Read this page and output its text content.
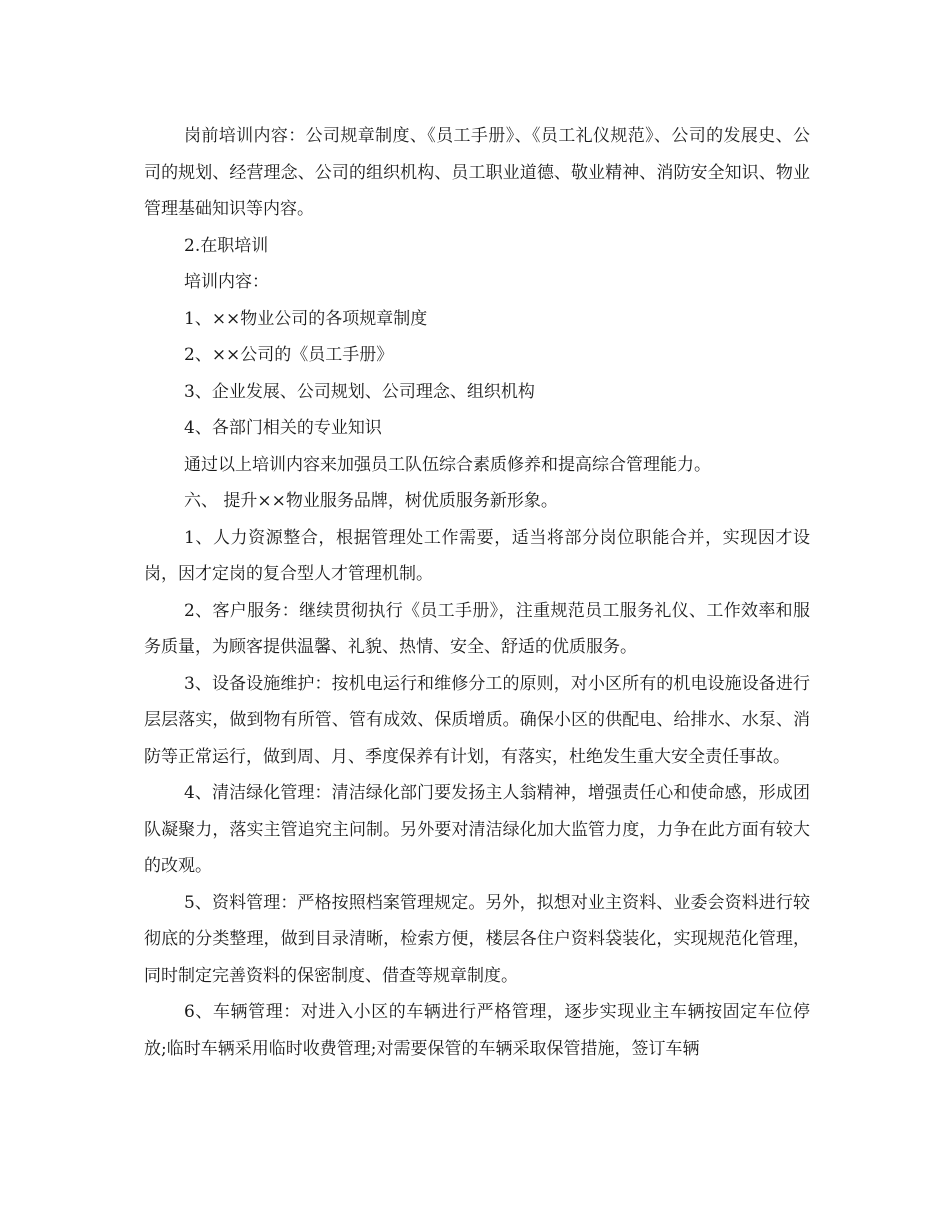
岗前培训内容：公司规章制度、《员工手册》、《员工礼仪规范》、公司的发展史、公司的规划、经营理念、公司的组织机构、员工职业道德、敬业精神、消防安全知识、物业管理基础知识等内容。

2.在职培训

培训内容：

1、××物业公司的各项规章制度

2、××公司的《员工手册》

3、企业发展、公司规划、公司理念、组织机构

4、各部门相关的专业知识

通过以上培训内容来加强员工队伍综合素质修养和提高综合管理能力。

六、 提升××物业服务品牌，树优质服务新形象。

1、人力资源整合，根据管理处工作需要，适当将部分岗位职能合并，实现因才设岗，因才定岗的复合型人才管理机制。

2、客户服务：继续贯彻执行《员工手册》，注重规范员工服务礼仪、工作效率和服务质量，为顾客提供温馨、礼貌、热情、安全、舒适的优质服务。

3、设备设施维护：按机电运行和维修分工的原则，对小区所有的机电设施设备进行层层落实，做到物有所管、管有成效、保质增质。确保小区的供配电、给排水、水泵、消防等正常运行，做到周、月、季度保养有计划，有落实，杜绝发生重大安全责任事故。

4、清洁绿化管理：清洁绿化部门要发扬主人翁精神，增强责任心和使命感，形成团队凝聚力，落实主管追究主问制。另外要对清洁绿化加大监管力度，力争在此方面有较大的改观。

5、资料管理：严格按照档案管理规定。另外，拟想对业主资料、业委会资料进行较彻底的分类整理，做到目录清晰，检索方便，楼层各住户资料袋装化，实现规范化管理，同时制定完善资料的保密制度、借查等规章制度。

6、车辆管理：对进入小区的车辆进行严格管理，逐步实现业主车辆按固定车位停放;临时车辆采用临时收费管理;对需要保管的车辆采取保管措施，签订车辆
